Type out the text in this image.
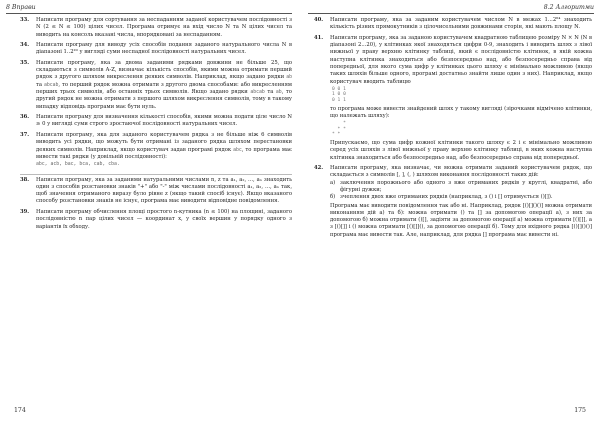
8 Вправи
33. Написати програму для сортування за неспаданням заданої користувачем послідовності з N (2 ≤ N ≤ 100) цілих чисел. Програма отримує на вхід число N та N цілих чисел та виводить на консоль вказані числа, впорядковані за неспаданням.
34. Написати програму для виводу усіх способів подання заданого натурального числа N в діапазоні 1..2²⁰ у вигляді суми неспадної послідовності натуральних чисел.
35. Написати програму, яка за двома заданими рядками довжини не більше 25, що складаються з символів A-Z, визначає кількість способів, якими можна отримати перший рядок з другого шляхом викреслення деяких символів. Наприклад, якщо задано рядки ab та abcab, то перший рядок можна отримати з другого двома способами: або викресленням перших трьох символів, або останніх трьох символів. Якщо задано рядки abcab та ab, то другий рядок не можна отримати з першого шляхом викреслення символів, тому в такому випадку відповідь програми має бути нуль.
36. Написати програму для визначення кількості способів, якими можна подати ціле число N ≥ 0 у вигляді суми строго зростаючої послідовності натуральних чисел.
37. Написати програму, яка для заданого користувачем рядка з не більше ніж 6 символів виводить усі рядки, що можуть бути отримані із заданого рядка шляхом перестановки деяких символів. Наприклад, якщо користувач задав програмі рядок abc, то програма має вивести такі рядки (у довільній послідовності):
abc, acb, bac, bca, cab, cba.
38. Написати програму, яка за заданими натуральними числами n, z та a₁, a₂, ..., aₙ знаходить один з способів розстановки знаків "+" або "-" між числами послідовності a₁, a₂, ..., aₙ так, щоб значення отриманого виразу було рівне z (якщо такий спосіб існує). Якщо вказаного способу розстановки знаків не існує, програма має виводити відповідне повідомлення.
39. Написати програму обчислення площі простого n-кутника (n ≤ 100) на площині, заданого послідовністю n пар цілих чисел — координат x, y своїх вершин у порядку одного з варіантів їх обходу.
174
8.2 Алгоритми
40. Написати програму, яка за заданим користувачем числом N в межах 1...2⁶⁴ знаходить кількість різних прямокутників з цілочисельними довжинами сторін, які мають площу N.
41. Написати програму, яка за заданою користувачем квадратною таблицею розміру N × N (N в діапазоні 2...20), у клітинках якої знаходяться цифри 0-9, знаходить і виводить шлях з лівої нижньої у праву верхню клітинку таблиці, який є послідовністю клітинок, в якій кожна наступна клітинка знаходиться або безпосередньо над, або безпосередньо справа від попередньої, для якого сума цифр у клітинках цього шляху є мінімально можливою (якщо таких шляхів більше одного, програмі достатньо знайти лише один з них). Наприклад, якщо користувач вводить таблицю
0 0 1
1 0 0
0 1 1
то програма може вивести знайдений шлях у такому вигляді (зірочками відмічено клітинки, що належать шляху):
*
* *
* *
Припускаємо, що сума цифр кожної клітинки такого шляху є 2 і є мінімально можливою серед усіх шляхів з лівої нижньої у праву верхню клітинку таблиці, в яких кожна наступна клітинка знаходиться або безпосередньо над, або безпосередньо справа від попередньої.
42. Написати програму, яка визначає, чи можна отримати заданий користувачем рядок, що складається з символів [, ], (, ) шляхом виконання послідовності таких дій:
a) заключення порожнього або одного з вже отриманих рядків у круглі, квадратні, або фігурні дужки;
б) зчеплення двох вже отриманих рядків (наприклад, з () і [] отримується ()[]).
Програма має виводити повідомлення так або ні. Наприклад, рядок [()[]()()] можна отримати виконанням дій а) та б): можна отримати () та [] за допомогою операції а), з них за допомогою б) можна отримати ()[], задіяти за допомогою операції а) можна отримати [()[]], а з [()[]] і () можна отримати [()[]](), за допомогою операції б). Тому для вхідного рядка [()[]()()] програма має вивести так. Але, наприклад, для рядка [] програма має вивести ні.
175
